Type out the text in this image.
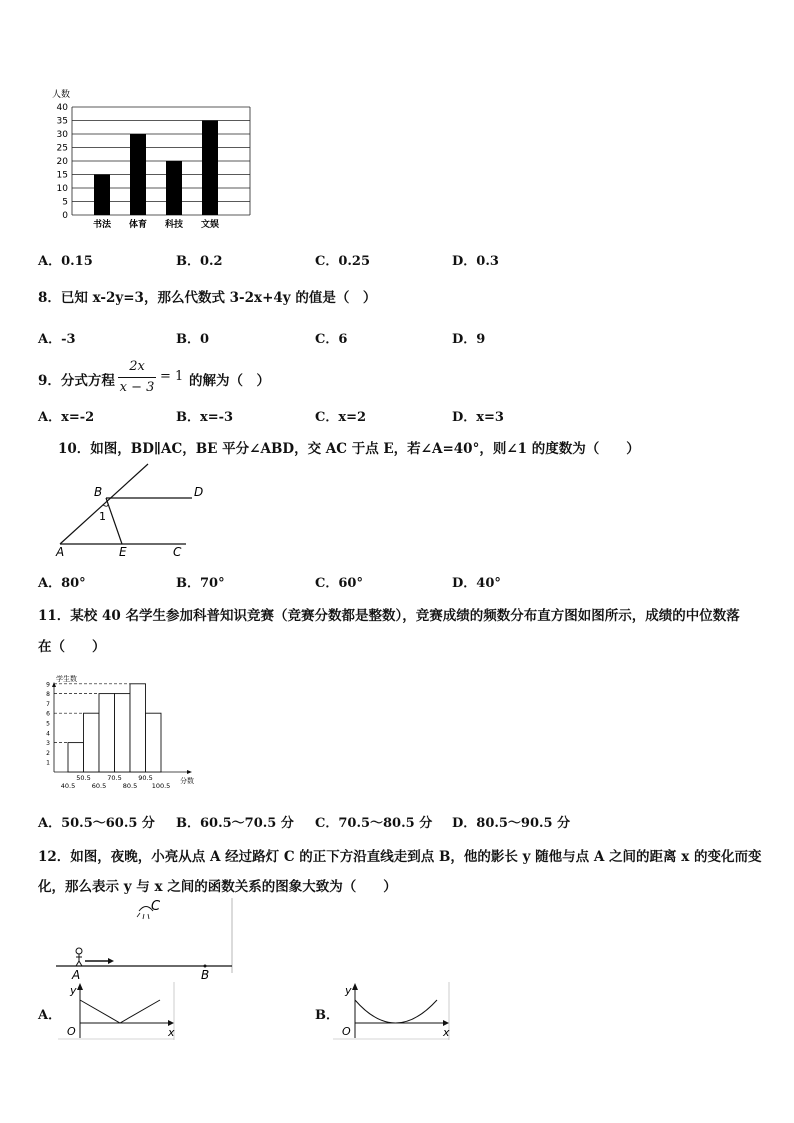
人数
0
5
10
15
20
25
30
35
40
书法 体育 科技 文娱
A．0.15	B．0.2	C．0.25	D．0.3
8．已知 x-2y=3，那么代数式 3-2x+4y 的值是（　）
A．-3	B．0	C．6	D．9
9．分式方程
2x
x − 3
= 1 的解为（　）
A．x=-2	B．x=-3	C．x=2	D．x=3
10．如图，BD∥AC，BE 平分∠ABD，交 AC 于点 E，若∠A=40°，则∠1 的度数为（　　）
B	D
1
A	E	C
A．80°	B．70°	C．60°	D．40°
11．某校 40 名学生参加科普知识竞赛（竞赛分数都是整数），竞赛成绩的频数分布直方图如图所示，成绩的中位数落
在（　　）
学生数
分数
1
2
3
4
5
6
7
8
9
40.5
50.5
60.5
70.5
80.5
90.5
100.5
A．50.5～60.5 分 B．60.5～70.5 分 C．70.5～80.5 分 D．80.5～90.5 分
12．如图，夜晚，小亮从点 A 经过路灯 C 的正下方沿直线走到点 B，他的影长 y 随他与点 A 之间的距离 x 的变化而变
化，那么表示 y 与 x 之间的函数关系的图象大致为（　　）
C
A	B
A．
y
O	x
B．
y
O	x
